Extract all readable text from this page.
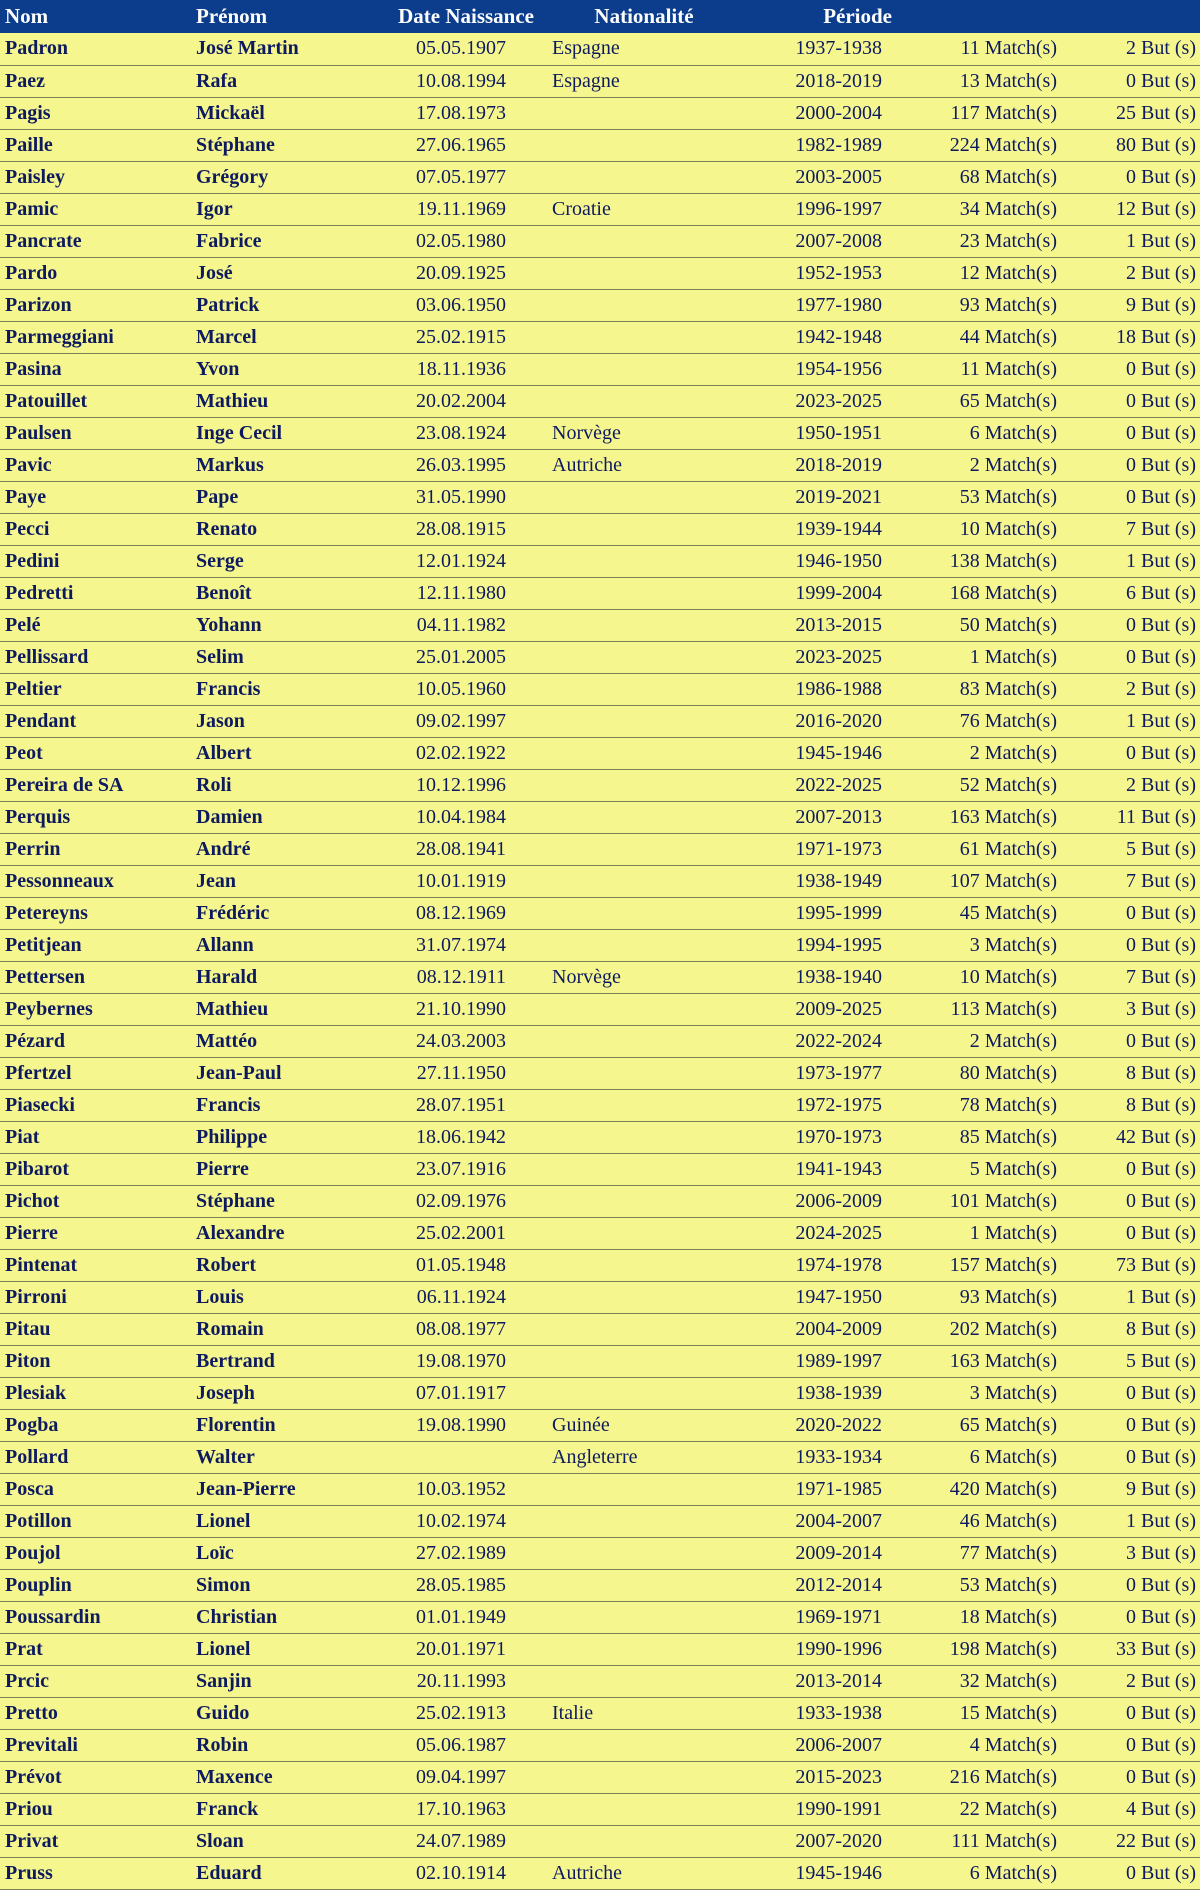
Nom	Prénom	Date Naissance	Nationalité	Période		
Padron	José Martin	05.05.1907	Espagne	1937-1938	11 Match(s)	2 But (s)
Paez	Rafa	10.08.1994	Espagne	2018-2019	13 Match(s)	0 But (s)
Pagis	Mickaël	17.08.1973		2000-2004	117 Match(s)	25 But (s)
Paille	Stéphane	27.06.1965		1982-1989	224 Match(s)	80 But (s)
Paisley	Grégory	07.05.1977		2003-2005	68 Match(s)	0 But (s)
Pamic	Igor	19.11.1969	Croatie	1996-1997	34 Match(s)	12 But (s)
Pancrate	Fabrice	02.05.1980		2007-2008	23 Match(s)	1 But (s)
Pardo	José	20.09.1925		1952-1953	12 Match(s)	2 But (s)
Parizon	Patrick	03.06.1950		1977-1980	93 Match(s)	9 But (s)
Parmeggiani	Marcel	25.02.1915		1942-1948	44 Match(s)	18 But (s)
Pasina	Yvon	18.11.1936		1954-1956	11 Match(s)	0 But (s)
Patouillet	Mathieu	20.02.2004		2023-2025	65 Match(s)	0 But (s)
Paulsen	Inge Cecil	23.08.1924	Norvège	1950-1951	6 Match(s)	0 But (s)
Pavic	Markus	26.03.1995	Autriche	2018-2019	2 Match(s)	0 But (s)
Paye	Pape	31.05.1990		2019-2021	53 Match(s)	0 But (s)
Pecci	Renato	28.08.1915		1939-1944	10 Match(s)	7 But (s)
Pedini	Serge	12.01.1924		1946-1950	138 Match(s)	1 But (s)
Pedretti	Benoît	12.11.1980		1999-2004	168 Match(s)	6 But (s)
Pelé	Yohann	04.11.1982		2013-2015	50 Match(s)	0 But (s)
Pellissard	Selim	25.01.2005		2023-2025	1 Match(s)	0 But (s)
Peltier	Francis	10.05.1960		1986-1988	83 Match(s)	2 But (s)
Pendant	Jason	09.02.1997		2016-2020	76 Match(s)	1 But (s)
Peot	Albert	02.02.1922		1945-1946	2 Match(s)	0 But (s)
Pereira de SA	Roli	10.12.1996		2022-2025	52 Match(s)	2 But (s)
Perquis	Damien	10.04.1984		2007-2013	163 Match(s)	11 But (s)
Perrin	André	28.08.1941		1971-1973	61 Match(s)	5 But (s)
Pessonneaux	Jean	10.01.1919		1938-1949	107 Match(s)	7 But (s)
Petereyns	Frédéric	08.12.1969		1995-1999	45 Match(s)	0 But (s)
Petitjean	Allann	31.07.1974		1994-1995	3 Match(s)	0 But (s)
Pettersen	Harald	08.12.1911	Norvège	1938-1940	10 Match(s)	7 But (s)
Peybernes	Mathieu	21.10.1990		2009-2025	113 Match(s)	3 But (s)
Pézard	Mattéo	24.03.2003		2022-2024	2 Match(s)	0 But (s)
Pfertzel	Jean-Paul	27.11.1950		1973-1977	80 Match(s)	8 But (s)
Piasecki	Francis	28.07.1951		1972-1975	78 Match(s)	8 But (s)
Piat	Philippe	18.06.1942		1970-1973	85 Match(s)	42 But (s)
Pibarot	Pierre	23.07.1916		1941-1943	5 Match(s)	0 But (s)
Pichot	Stéphane	02.09.1976		2006-2009	101 Match(s)	0 But (s)
Pierre	Alexandre	25.02.2001		2024-2025	1 Match(s)	0 But (s)
Pintenat	Robert	01.05.1948		1974-1978	157 Match(s)	73 But (s)
Pirroni	Louis	06.11.1924		1947-1950	93 Match(s)	1 But (s)
Pitau	Romain	08.08.1977		2004-2009	202 Match(s)	8 But (s)
Piton	Bertrand	19.08.1970		1989-1997	163 Match(s)	5 But (s)
Plesiak	Joseph	07.01.1917		1938-1939	3 Match(s)	0 But (s)
Pogba	Florentin	19.08.1990	Guinée	2020-2022	65 Match(s)	0 But (s)
Pollard	Walter		Angleterre	1933-1934	6 Match(s)	0 But (s)
Posca	Jean-Pierre	10.03.1952		1971-1985	420 Match(s)	9 But (s)
Potillon	Lionel	10.02.1974		2004-2007	46 Match(s)	1 But (s)
Poujol	Loïc	27.02.1989		2009-2014	77 Match(s)	3 But (s)
Pouplin	Simon	28.05.1985		2012-2014	53 Match(s)	0 But (s)
Poussardin	Christian	01.01.1949		1969-1971	18 Match(s)	0 But (s)
Prat	Lionel	20.01.1971		1990-1996	198 Match(s)	33 But (s)
Prcic	Sanjin	20.11.1993		2013-2014	32 Match(s)	2 But (s)
Pretto	Guido	25.02.1913	Italie	1933-1938	15 Match(s)	0 But (s)
Previtali	Robin	05.06.1987		2006-2007	4 Match(s)	0 But (s)
Prévot	Maxence	09.04.1997		2015-2023	216 Match(s)	0 But (s)
Priou	Franck	17.10.1963		1990-1991	22 Match(s)	4 But (s)
Privat	Sloan	24.07.1989		2007-2020	111 Match(s)	22 But (s)
Pruss	Eduard	02.10.1914	Autriche	1945-1946	6 Match(s)	0 But (s)
